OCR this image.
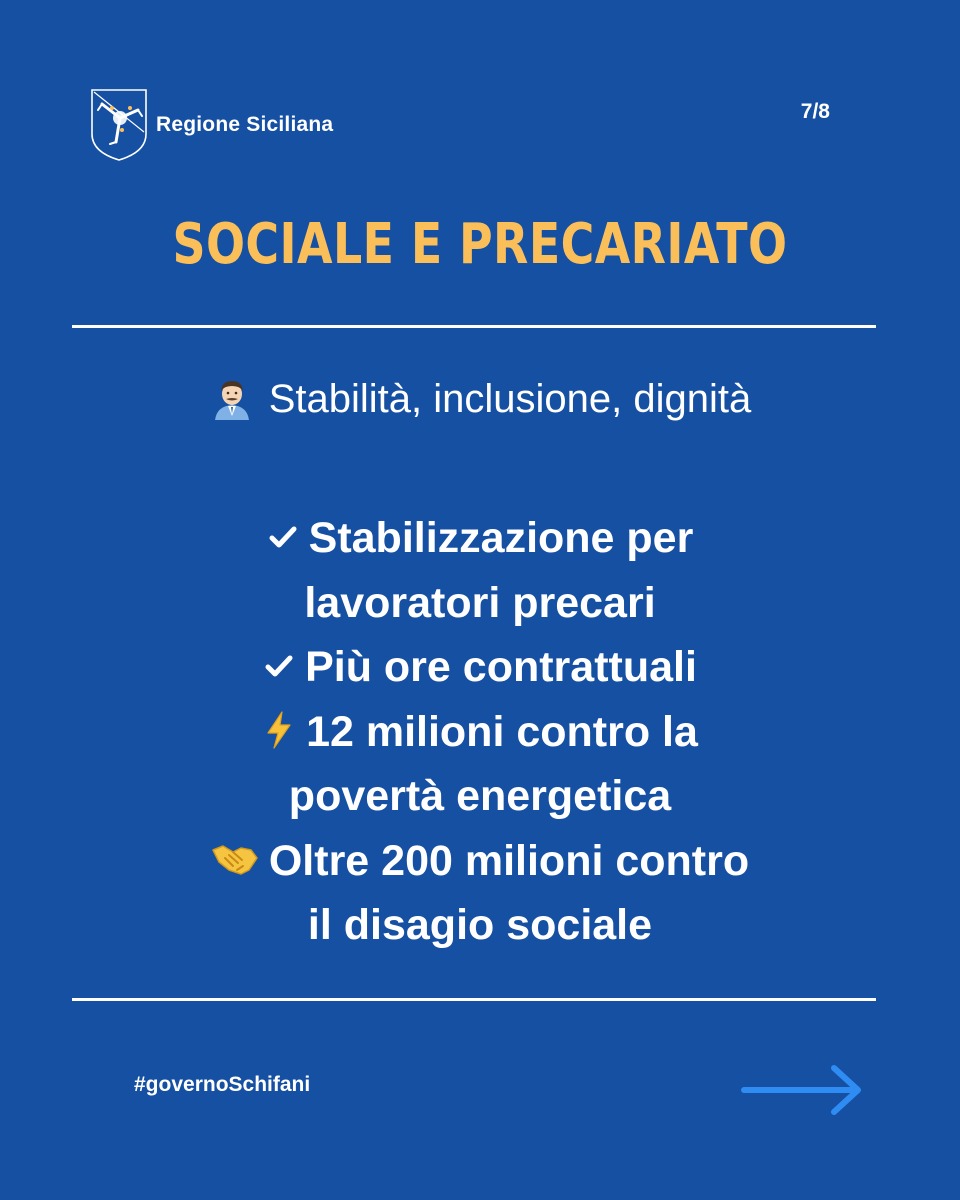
Regione Siciliana
7/8
SOCIALE E PRECARIATO
Stabilità, inclusione, dignità
Stabilizzazione per
lavoratori precari
Più ore contrattuali
12 milioni contro la
povertà energetica
Oltre 200 milioni contro
il disagio sociale
#governoSchifani
